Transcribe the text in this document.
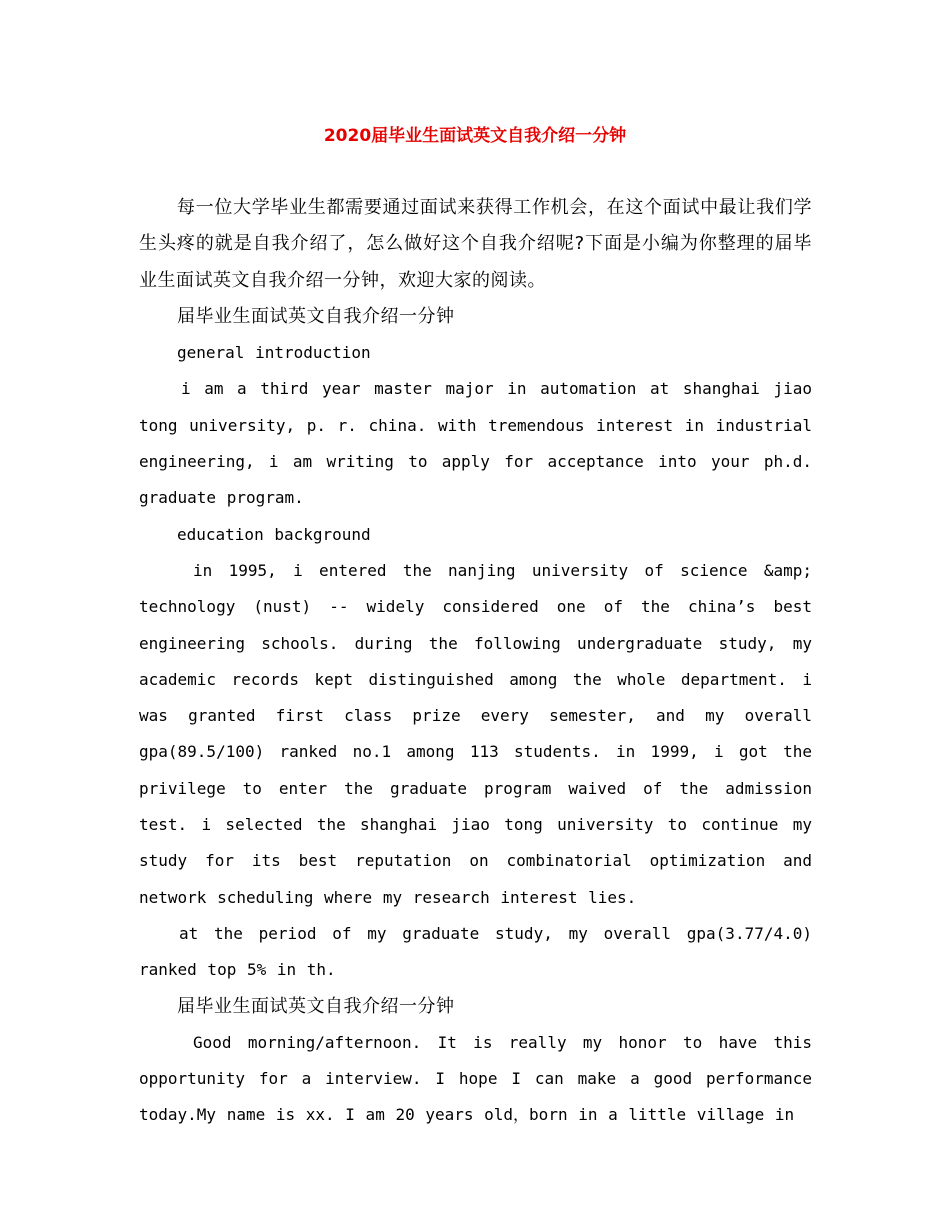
2020届毕业生面试英文自我介绍一分钟

每一位大学毕业生都需要通过面试来获得工作机会，在这个面试中最让我们学生头疼的就是自我介绍了，怎么做好这个自我介绍呢?下面是小编为你整理的届毕业生面试英文自我介绍一分钟，欢迎大家的阅读。

届毕业生面试英文自我介绍一分钟

general introduction

i am a third year master major in automation at shanghai jiao tong university, p. r. china. with tremendous interest in industrial engineering, i am writing to apply for acceptance into your ph.d. graduate program.

education background

in 1995, i entered the nanjing university of science &amp; technology (nust) -- widely considered one of the china’s best engineering schools. during the following undergraduate study, my academic records kept distinguished among the whole department. i was granted first class prize every semester, and my overall gpa(89.5/100) ranked no.1 among 113 students. in 1999, i got the privilege to enter the graduate program waived of the admission test. i selected the shanghai jiao tong university to continue my study for its best reputation on combinatorial optimization and network scheduling where my research interest lies.

at the period of my graduate study, my overall gpa(3.77/4.0) ranked top 5% in th.

届毕业生面试英文自我介绍一分钟

Good morning/afternoon. It is really my honor to have this opportunity for a interview. I hope I can make a good performance today.My name is xx. I am 20 years old，born in a little village in
